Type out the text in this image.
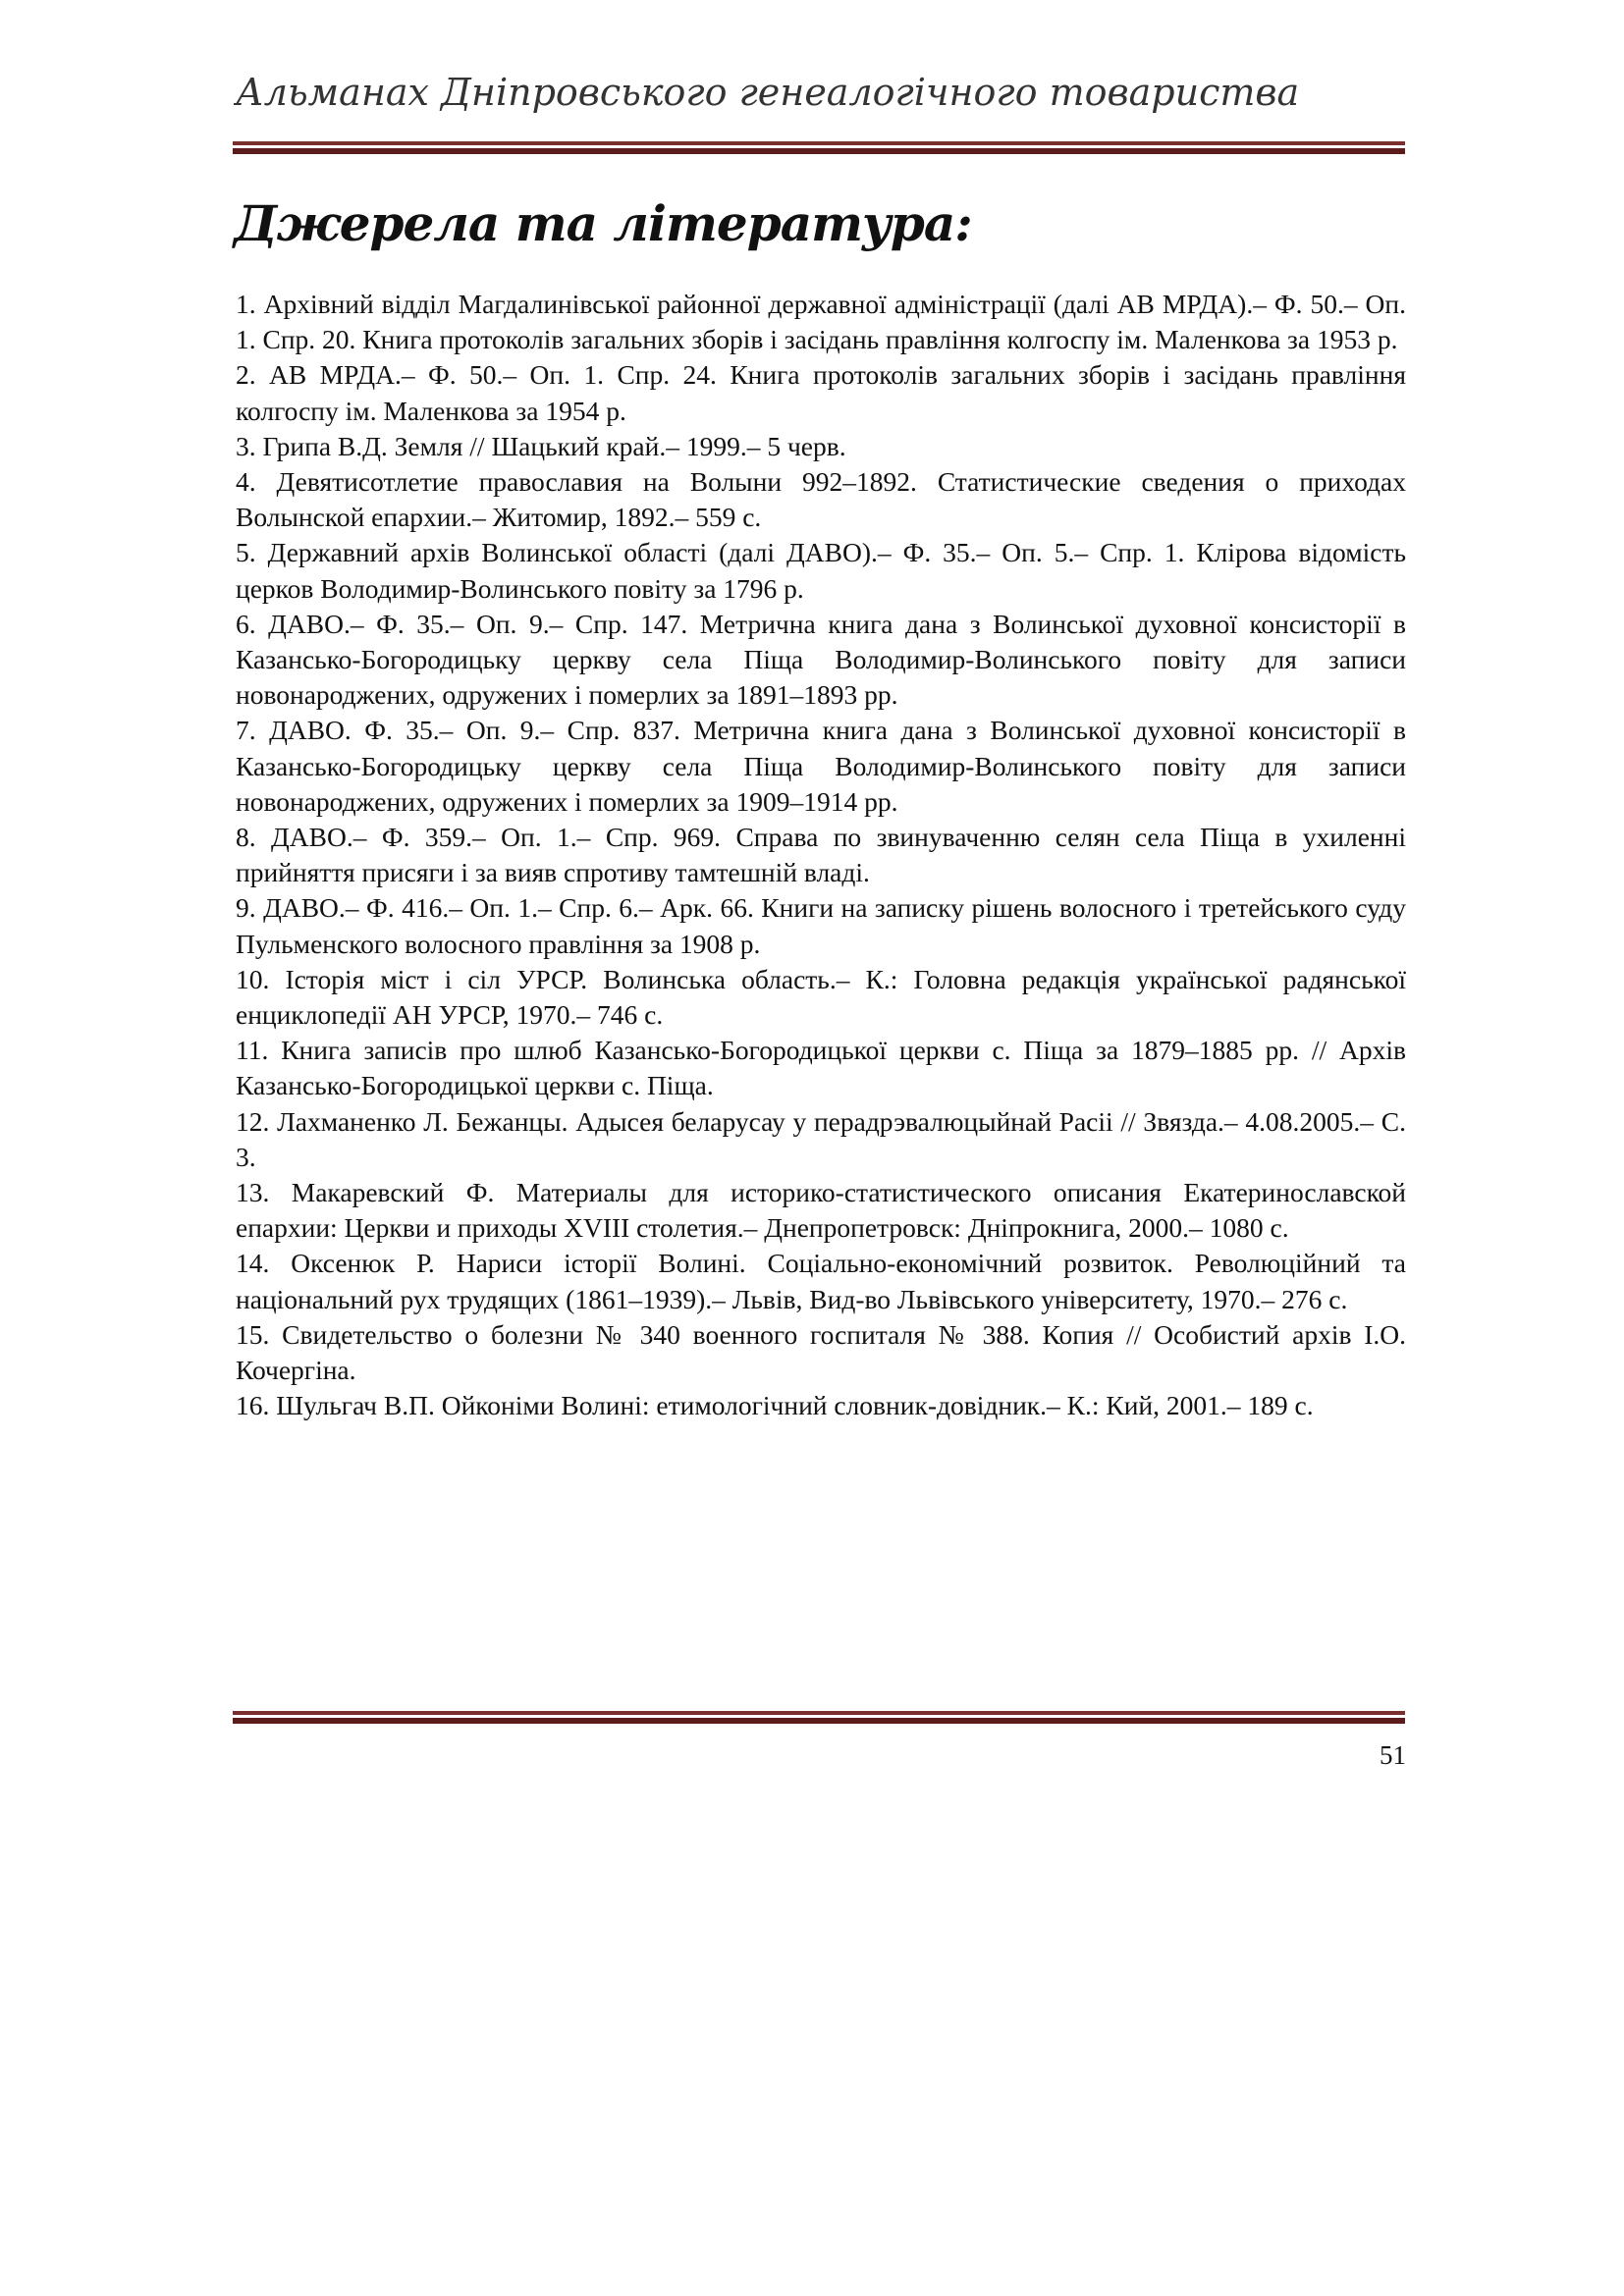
Альманах Дніпровського генеалогічного товариства
Джерела та література:
1. Архівний відділ Магдалинівської районної державної адміністрації (далі АВ МРДА).– Ф. 50.– Оп. 1. Спр. 20. Книга протоколів загальних зборів і засідань правління колгоспу ім. Маленкова за 1953 р.
2. АВ МРДА.– Ф. 50.– Оп. 1. Спр. 24. Книга протоколів загальних зборів і засідань правління колгоспу ім. Маленкова за 1954 р.
3. Грипа В.Д. Земля // Шацький край.– 1999.– 5 черв.
4. Девятисотлетие православия на Волыни 992–1892. Статистические сведения о приходах Волынской епархии.– Житомир, 1892.– 559 с.
5. Державний архів Волинської області (далі ДАВО).– Ф. 35.– Оп. 5.– Спр. 1. Клірова відомість церков Володимир-Волинського повіту за 1796 р.
6. ДАВО.– Ф. 35.– Оп. 9.– Спр. 147. Метрична книга дана з Волинської духовної консисторії в Казансько-Богородицьку церкву села Піща Володимир-Волинського повіту для записи новонароджених, одружених і померлих за 1891–1893 рр.
7. ДАВО. Ф. 35.– Оп. 9.– Спр. 837. Метрична книга дана з Волинської духовної консисторії в Казансько-Богородицьку церкву села Піща Володимир-Волинського повіту для записи новонароджених, одружених і померлих за 1909–1914 рр.
8. ДАВО.– Ф. 359.– Оп. 1.– Спр. 969. Справа по звинуваченню селян села Піща в ухиленні прийняття присяги і за вияв спротиву тамтешній владі.
9. ДАВО.– Ф. 416.– Оп. 1.– Спр. 6.– Арк. 66. Книги на записку рішень волосного і третейського суду Пульменского волосного правління за 1908 р.
10. Історія міст і сіл УРСР. Волинська область.– К.: Головна редакція української радянської енциклопедії АН УРСР, 1970.– 746 с.
11. Книга записів про шлюб Казансько-Богородицької церкви с. Піща за 1879–1885 рр. // Архів Казансько-Богородицької церкви с. Піща.
12. Лахманенко Л. Бежанцы. Адысея беларусау у перадрэвалюцыйнай Расіі // Звязда.– 4.08.2005.– С. 3.
13. Макаревский Ф. Материалы для историко-статистического описания Екатеринославской епархии: Церкви и приходы XVIII столетия.– Днепропетровск: Дніпрокнига, 2000.– 1080 с.
14. Оксенюк Р. Нариси історії Волині. Соціально-економічний розвиток. Революційний та національний рух трудящих (1861–1939).– Львів, Вид-во Львівського університету, 1970.– 276 с.
15. Свидетельство о болезни № 340 военного госпиталя № 388. Копия // Особистий архів І.О. Кочергіна.
16. Шульгач В.П. Ойконіми Волині: етимологічний словник-довідник.– К.: Кий, 2001.– 189 с.
51
